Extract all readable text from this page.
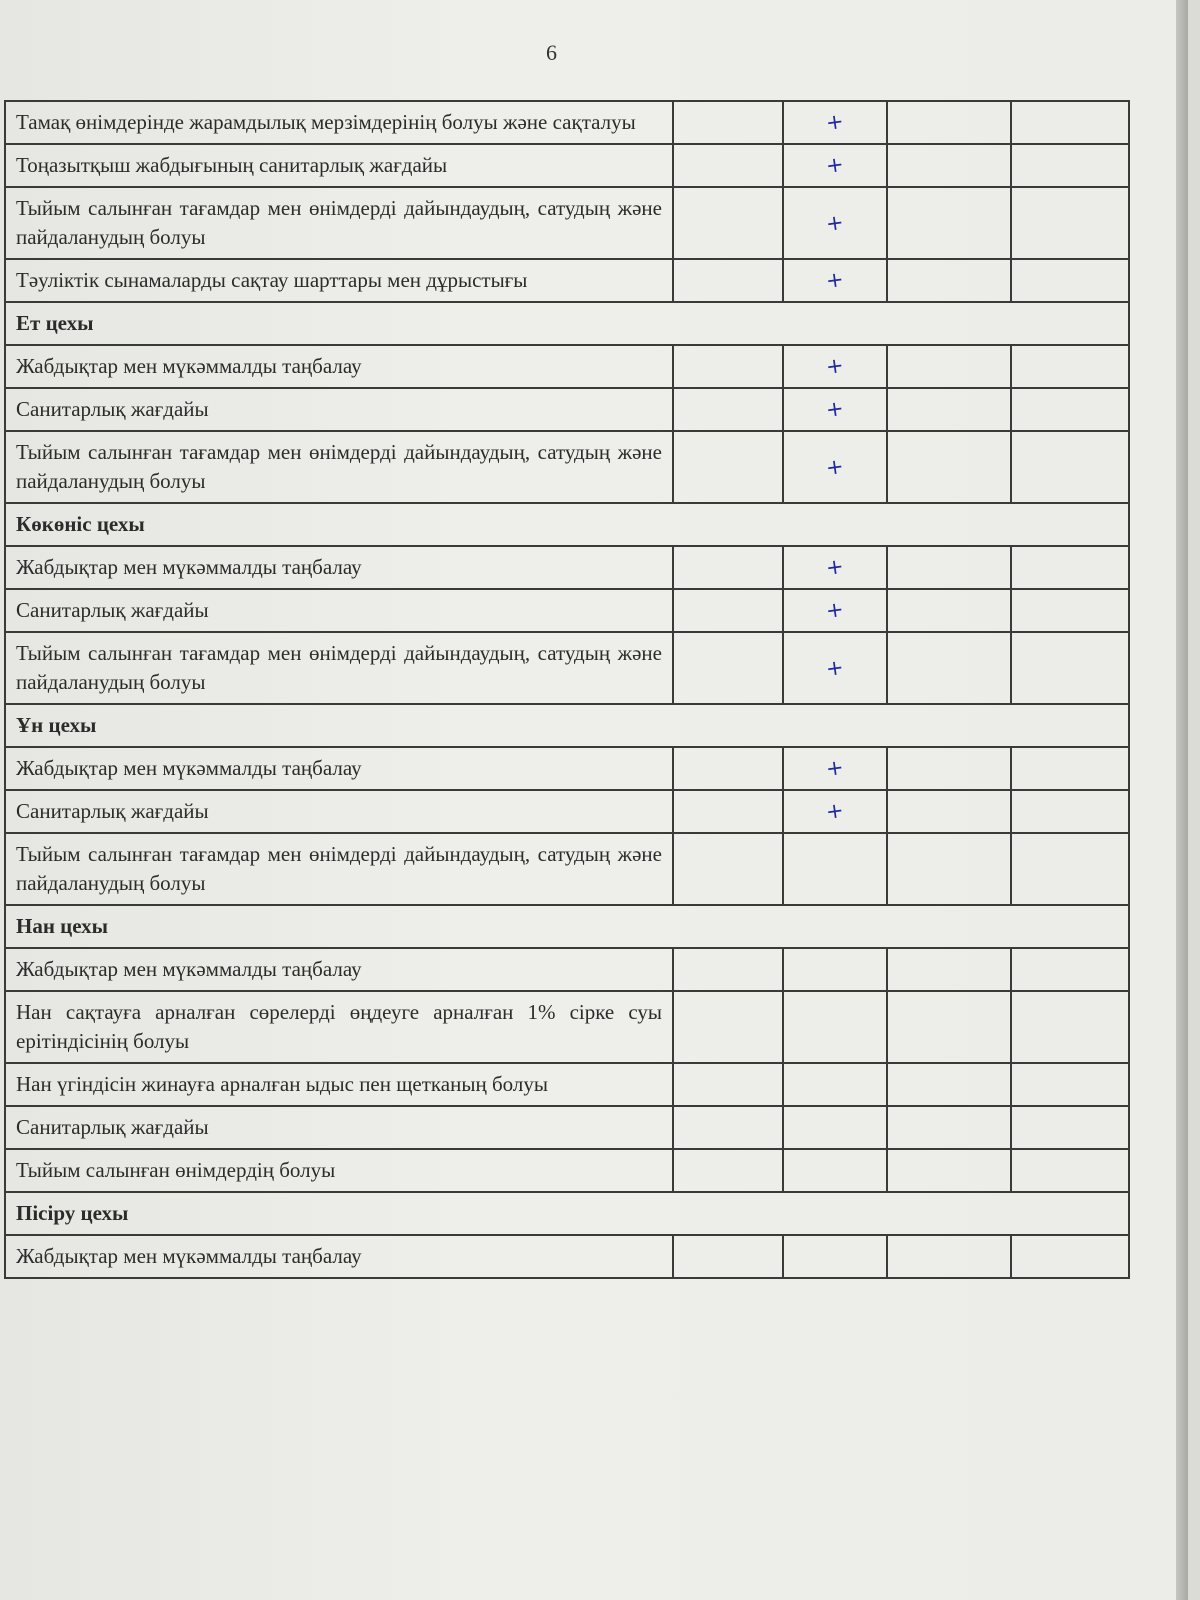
6
Тамақ өнімдерінде жарамдылық мерзімдерінің болуы және сақталуы		+		
Тоңазытқыш жабдығының санитарлық жағдайы		+		
Тыйым салынған тағамдар мен өнімдерді дайындаудың, сатудың және пайдаланудың болуы		+		
Тәуліктік сынамаларды сақтау шарттары мен дұрыстығы		+		
Ет цехы				
Жабдықтар мен мүкәммалды таңбалау		+		
Санитарлық жағдайы		+		
Тыйым салынған тағамдар мен өнімдерді дайындаудың, сатудың және пайдаланудың болуы		+		
Көкөніс цехы				
Жабдықтар мен мүкәммалды таңбалау		+		
Санитарлық жағдайы		+		
Тыйым салынған тағамдар мен өнімдерді дайындаудың, сатудың және пайдаланудың болуы		+		
Ұн цехы				
Жабдықтар мен мүкәммалды таңбалау		+		
Санитарлық жағдайы		+		
Тыйым салынған тағамдар мен өнімдерді дайындаудың, сатудың және пайдаланудың болуы				
Нан цехы				
Жабдықтар мен мүкәммалды таңбалау				
Нан сақтауға арналған сөрелерді өңдеуге арналған 1% сірке суы ерітіндісінің болуы				
Нан үгіндісін жинауға арналған ыдыс пен щетканың болуы				
Санитарлық жағдайы				
Тыйым салынған өнімдердің болуы				
Пісіру цехы				
Жабдықтар мен мүкәммалды таңбалау				
